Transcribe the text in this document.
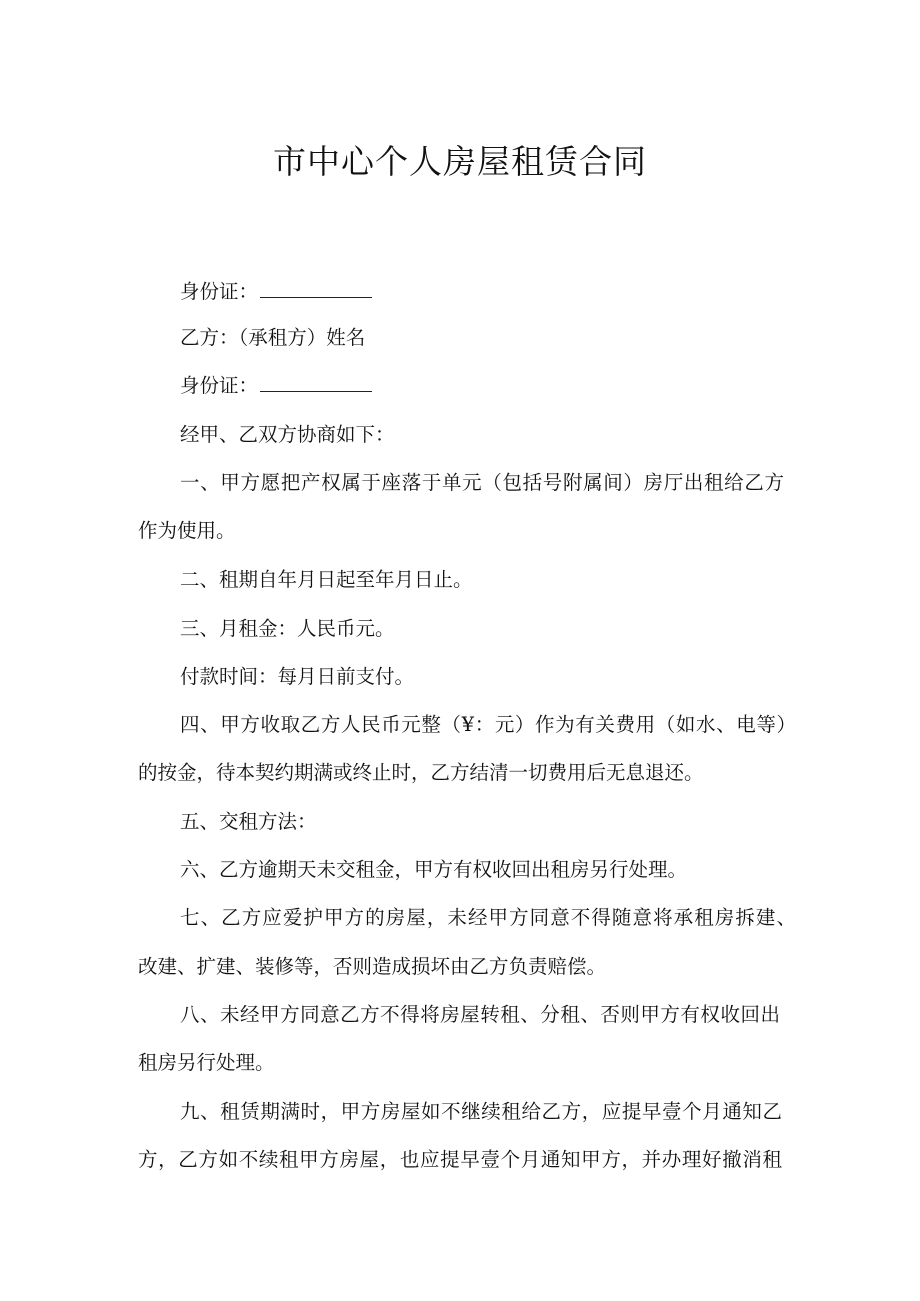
市中心个人房屋租赁合同
身份证：
乙方：（承租方）姓名
身份证：
经甲、乙双方协商如下：
一、甲方愿把产权属于座落于单元（包括号附属间）房厅出租给乙方
作为使用。
二、租期自年月日起至年月日止。
三、月租金：人民币元。
付款时间：每月日前支付。
四、甲方收取乙方人民币元整（¥：元）作为有关费用（如水、电等）
的按金，待本契约期满或终止时，乙方结清一切费用后无息退还。
五、交租方法：
六、乙方逾期天未交租金，甲方有权收回出租房另行处理。
七、乙方应爱护甲方的房屋，未经甲方同意不得随意将承租房拆建、
改建、扩建、装修等，否则造成损坏由乙方负责赔偿。
八、未经甲方同意乙方不得将房屋转租、分租、否则甲方有权收回出
租房另行处理。
九、租赁期满时，甲方房屋如不继续租给乙方，应提早壹个月通知乙
方，乙方如不续租甲方房屋，也应提早壹个月通知甲方，并办理好撤消租
